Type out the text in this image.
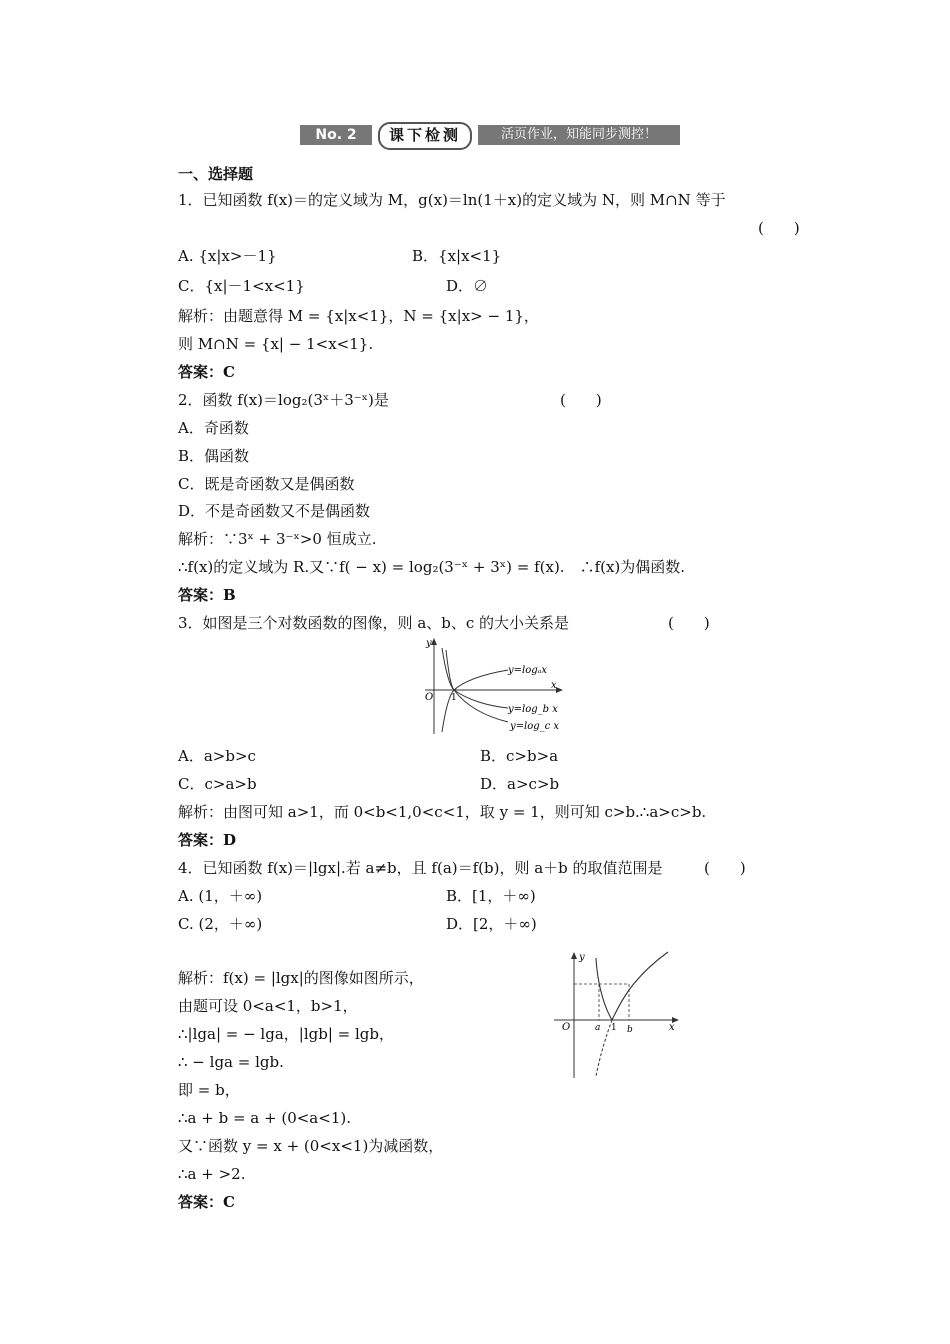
No. 2	课下检测	活页作业，知能同步测控！
一、选择题
1．已知函数 f(x)＝的定义域为 M，g(x)＝ln(1＋x)的定义域为 N，则 M∩N 等于
(　　)
A. {x|x>－1}	B．{x|x<1}
C．{x|－1<x<1}	D．∅
解析：由题意得 M = {x|x<1}，N = {x|x> − 1}，
则 M∩N = {x| − 1<x<1}.
答案：C
2．函数 f(x)＝log₂(3ˣ＋3⁻ˣ)是	(　　)
A．奇函数
B．偶函数
C．既是奇函数又是偶函数
D．不是奇函数又不是偶函数
解析：∵3ˣ + 3⁻ˣ>0 恒成立.
∴f(x)的定义域为 R.又∵f( − x) = log₂(3⁻ˣ + 3ˣ) = f(x).　∴f(x)为偶函数.
答案：B
3．如图是三个对数函数的图像，则 a、b、c 的大小关系是	(　　)
y
x
O 1
y=logₐx
y=log_b x
y=log_c x
A．a>b>c	B．c>b>a
C．c>a>b	D．a>c>b
解析：由图可知 a>1，而 0<b<1,0<c<1，取 y = 1，则可知 c>b.∴a>c>b.
答案：D
4．已知函数 f(x)＝|lgx|.若 a≠b，且 f(a)＝f(b)，则 a＋b 的取值范围是	(　　)
A. (1，＋∞)	B．[1，＋∞)
C. (2，＋∞)	D．[2，＋∞)
解析：f(x) = |lgx|的图像如图所示，
由题可设 0<a<1，b>1，
∴|lga| = − lga，|lgb| = lgb，
∴ − lga = lgb.
即 = b，
∴a + b = a + (0<a<1).
又∵函数 y = x + (0<x<1)为减函数，
∴a + >2.
答案：C
y
x
O	a 1 b
